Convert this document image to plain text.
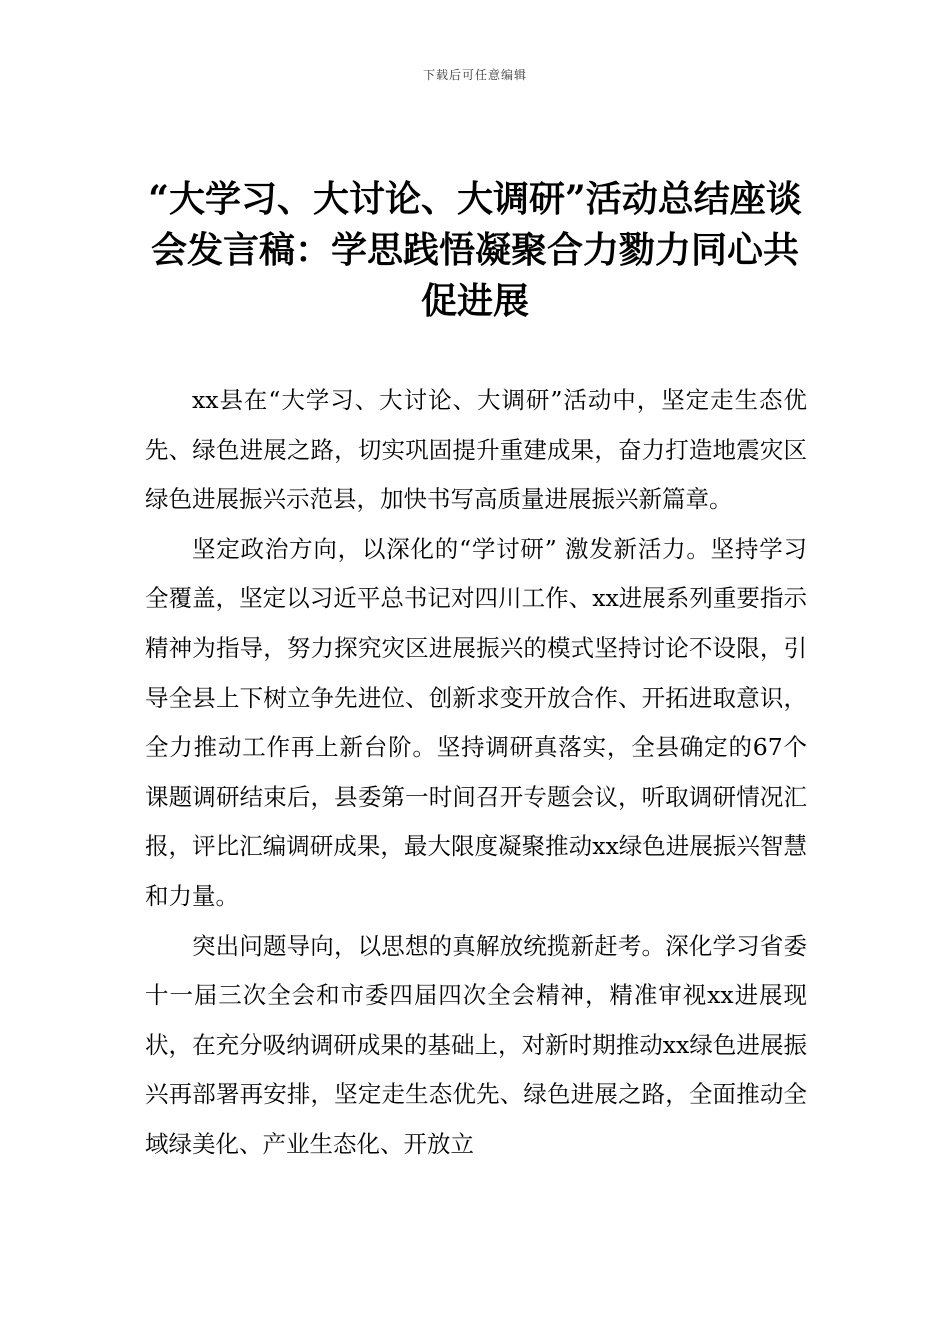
下载后可任意编辑
“大学习、大讨论、大调研”活动总结座谈
会发言稿：学思践悟凝聚合力勠力同心共
促进展

xx县在“大学习、大讨论、大调研”活动中，坚定走生态优先、绿色进展之路，切实巩固提升重建成果，奋力打造地震灾区绿色进展振兴示范县，加快书写高质量进展振兴新篇章。

坚定政治方向，以深化的“学讨研” 激发新活力。坚持学习全覆盖，坚定以习近平总书记对四川工作、xx进展系列重要指示精神为指导，努力探究灾区进展振兴的模式坚持讨论不设限，引导全县上下树立争先进位、创新求变开放合作、开拓进取意识，全力推动工作再上新台阶。坚持调研真落实，全县确定的67个课题调研结束后，县委第一时间召开专题会议，听取调研情况汇报，评比汇编调研成果，最大限度凝聚推动xx绿色进展振兴智慧和力量。

突出问题导向，以思想的真解放统揽新赶考。深化学习省委十一届三次全会和市委四届四次全会精神，精准审视xx进展现状，在充分吸纳调研成果的基础上，对新时期推动xx绿色进展振兴再部署再安排，坚定走生态优先、绿色进展之路，全面推动全域绿美化、产业生态化、开放立
